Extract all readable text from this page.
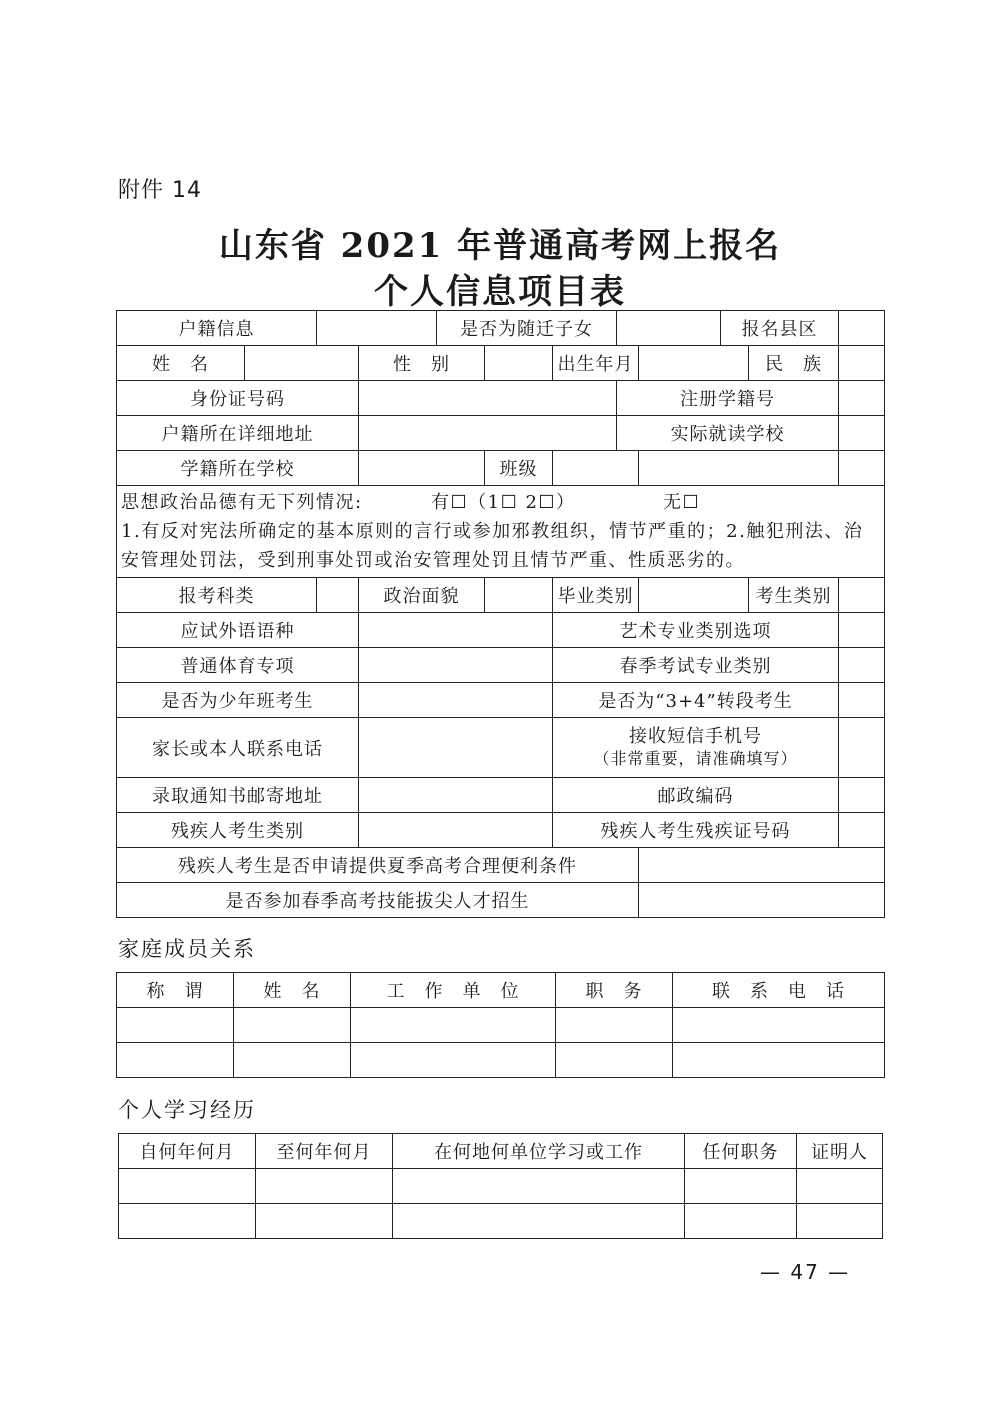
附件 14
山东省 2021 年普通高考网上报名
个人信息项目表
户籍信息				是否为随迁子女					报名县区		
姓　名			性　别			出生年月				民　族	
身份证号码							注册学籍号				
户籍所在详细地址							实际就读学校				
学籍所在学校					班级						

思想政治品德有无下列情况: 有☐（1☐ 2☐） 无☐
1.有反对宪法所确定的基本原则的言行或参加邪教组织，情节严重的；2.触犯刑法、治安管理处罚法，受到刑事处罚或治安管理处罚且情节严重、性质恶劣的。											

报考科类			政治面貌			毕业类别				考生类别	
应试外语语种						艺术专业类别选项					
普通体育专项						春季考试专业类别					
是否为少年班考生						是否为“3+4”转段考生					
家长或本人联系电话						接收短信手机号
（非常重要，请准确填写）					

录取通知书邮寄地址						邮政编码					
残疾人考生类别						残疾人考生残疾证号码					
残疾人考生是否申请提供夏季高考合理便利条件											
是否参加春季高考技能拔尖人才招生											
家庭成员关系
称　谓	姓　名	工　作　单　位	职　务	联　系　电　话

个人学习经历
自何年何月	至何年何月	在何地何单位学习或工作	任何职务	证明人

— 47 —
